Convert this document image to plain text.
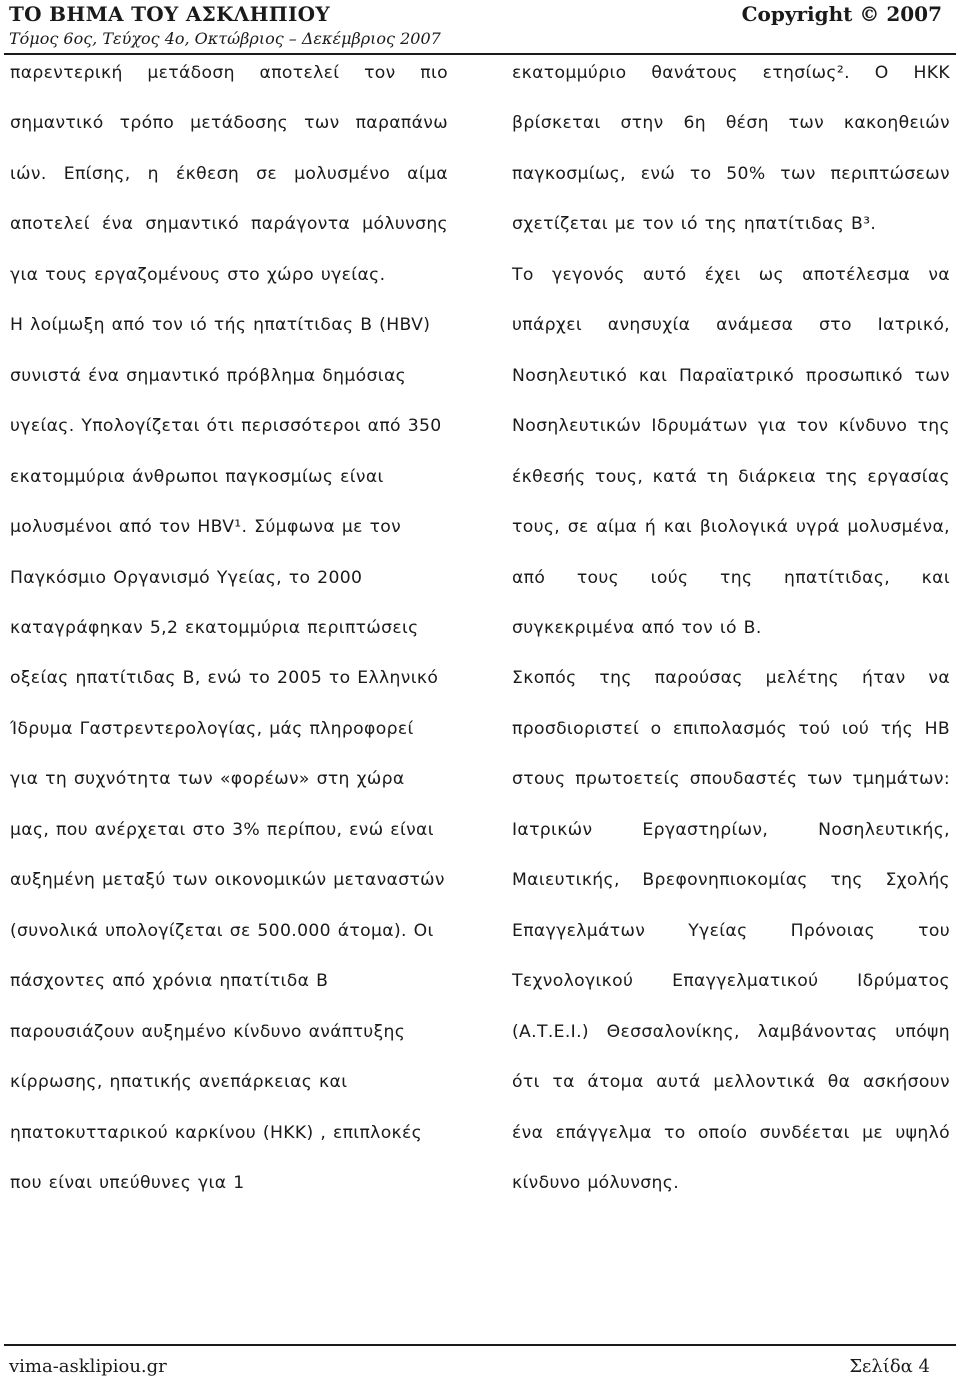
ΤΟ ΒΗΜΑ ΤΟΥ ΑΣΚΛΗΠΙΟΥ	Copyright © 2007
Τόμος 6ος, Τεύχος 4ο, Οκτώβριος – Δεκέμβριος 2007

παρεντερική μετάδοση αποτελεί τον πιο σημαντικό τρόπο μετάδοσης των παραπάνω ιών. Επίσης, η έκθεση σε μολυσμένο αίμα αποτελεί ένα σημαντικό παράγοντα μόλυνσης για τους εργαζομένους στο χώρο υγείας.

Η λοίμωξη από τον ιό τής ηπατίτιδας Β (HBV) συνιστά ένα σημαντικό πρόβλημα δημόσιας υγείας. Υπολογίζεται ότι περισσότεροι από 350 εκατομμύρια άνθρωποι παγκοσμίως είναι μολυσμένοι από τον HBV¹. Σύμφωνα με τον Παγκόσμιο Οργανισμό Υγείας, το 2000 καταγράφηκαν 5,2 εκατομμύρια περιπτώσεις οξείας ηπατίτιδας Β, ενώ το 2005 το Ελληνικό Ίδρυμα Γαστρεντερολογίας, μάς πληροφορεί για τη συχνότητα των «φορέων» στη χώρα μας, που ανέρχεται στο 3% περίπου, ενώ είναι αυξημένη μεταξύ των οικονομικών μεταναστών (συνολικά υπολογίζεται σε 500.000 άτομα). Οι πάσχοντες από χρόνια ηπατίτιδα Β παρουσιάζουν αυξημένο κίνδυνο ανάπτυξης κίρρωσης, ηπατικής ανεπάρκειας και ηπατοκυτταρικού καρκίνου (ΗΚΚ) , επιπλοκές που είναι υπεύθυνες για 1

εκατομμύριο θανάτους ετησίως². Ο ΗΚΚ βρίσκεται στην 6η θέση των κακοηθειών παγκοσμίως, ενώ το 50% των περιπτώσεων σχετίζεται με τον ιό της ηπατίτιδας Β³.

Το γεγονός αυτό έχει ως αποτέλεσμα να υπάρχει ανησυχία ανάμεσα στο Ιατρικό, Νοσηλευτικό και Παραϊατρικό προσωπικό των Νοσηλευτικών Ιδρυμάτων για τον κίνδυνο της έκθεσής τους, κατά τη διάρκεια της εργασίας τους, σε αίμα ή και βιολογικά υγρά μολυσμένα, από τους ιούς της ηπατίτιδας, και συγκεκριμένα από τον ιό Β.

Σκοπός της παρούσας μελέτης ήταν να προσδιοριστεί ο επιπολασμός τού ιού τής ΗΒ στους πρωτοετείς σπουδαστές των τμημάτων: Ιατρικών Εργαστηρίων, Νοσηλευτικής, Μαιευτικής, Βρεφονηπιοκομίας της Σχολής Επαγγελμάτων Υγείας Πρόνοιας του Τεχνολογικού Επαγγελματικού Ιδρύματος (Α.Τ.Ε.Ι.) Θεσσαλονίκης, λαμβάνοντας υπόψη ότι τα άτομα αυτά μελλοντικά θα ασκήσουν ένα επάγγελμα το οποίο συνδέεται με υψηλό κίνδυνο μόλυνσης.

vima-asklipiou.gr	Σελίδα 4
